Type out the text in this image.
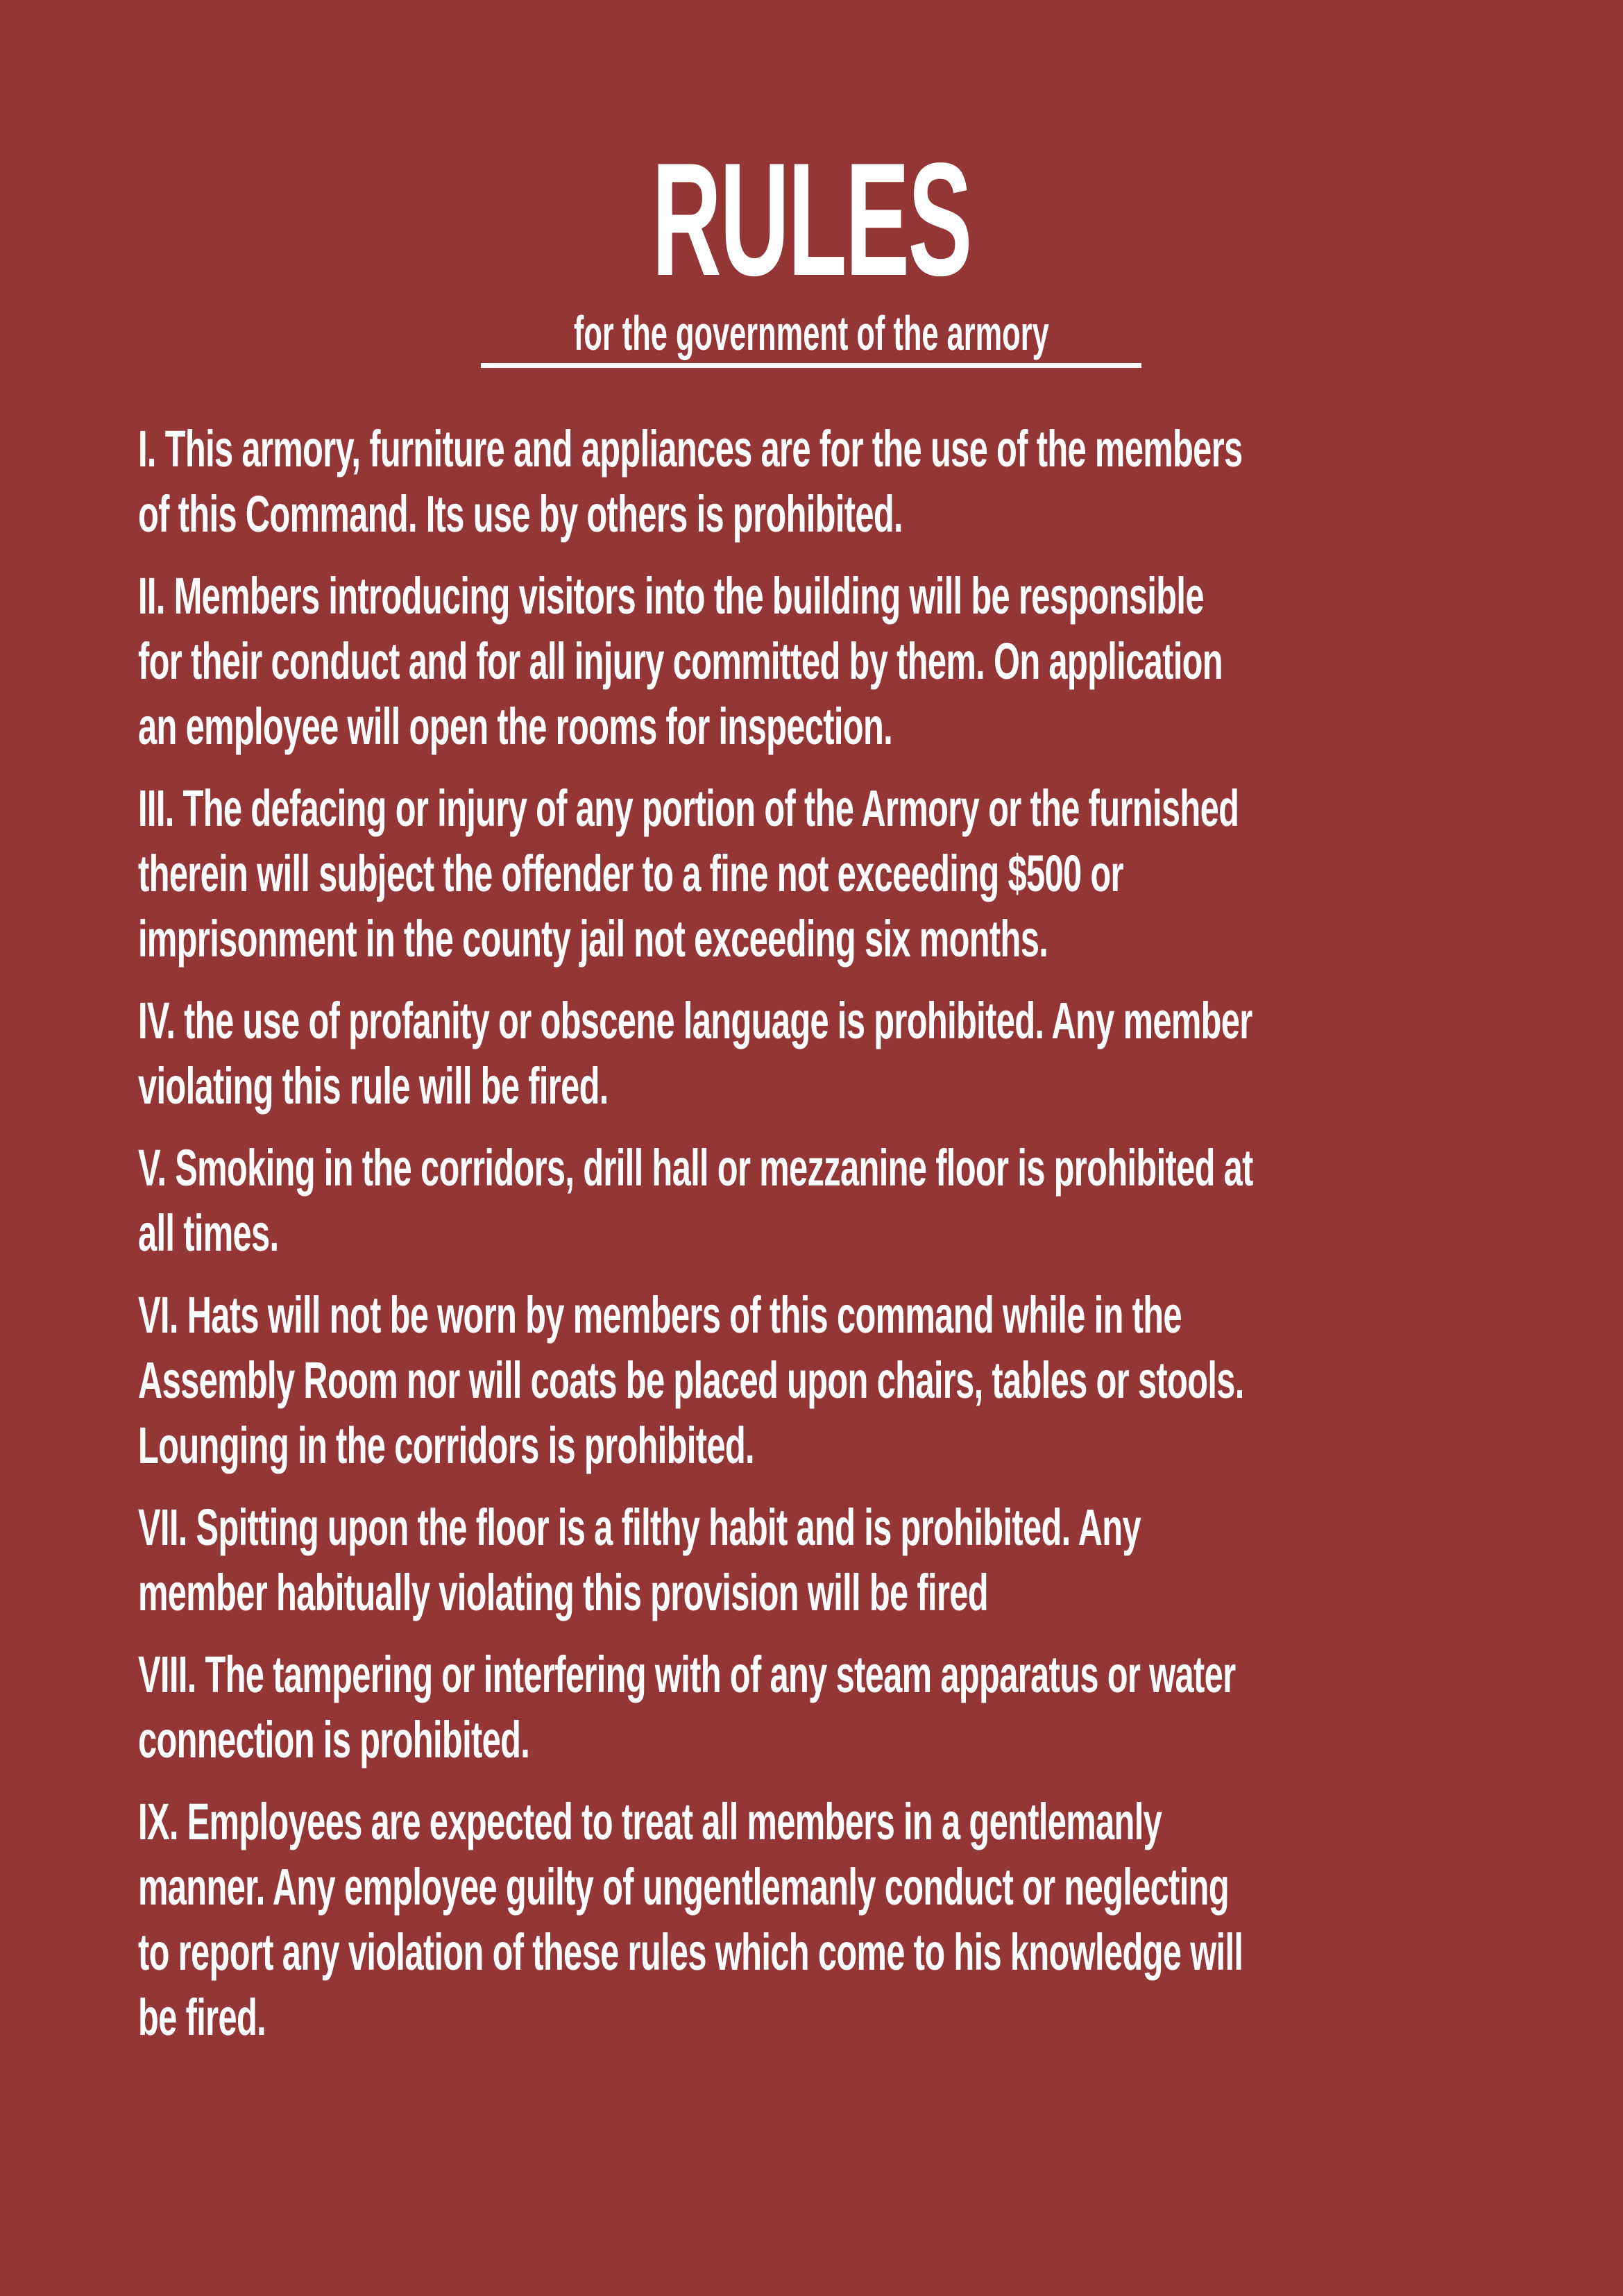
RULES
for the government of the armory
I. This armory, furniture and appliances are for the use of the members
of this Command. Its use by others is prohibited.
II. Members introducing visitors into the building will be responsible
for their conduct and for all injury committed by them. On application
an employee will open the rooms for inspection.
III. The defacing or injury of any portion of the Armory or the furnished
therein will subject the offender to a fine not exceeding $500 or
imprisonment in the county jail not exceeding six months.
IV. the use of profanity or obscene language is prohibited. Any member
violating this rule will be fired.
V. Smoking in the corridors, drill hall or mezzanine floor is prohibited at
all times.
VI. Hats will not be worn by members of this command while in the
Assembly Room nor will coats be placed upon chairs, tables or stools.
Lounging in the corridors is prohibited.
VII. Spitting upon the floor is a filthy habit and is prohibited. Any
member habitually violating this provision will be fired
VIII. The tampering or interfering with of any steam apparatus or water
connection is prohibited.
IX. Employees are expected to treat all members in a gentlemanly
manner. Any employee guilty of ungentlemanly conduct or neglecting
to report any violation of these rules which come to his knowledge will
be fired.
